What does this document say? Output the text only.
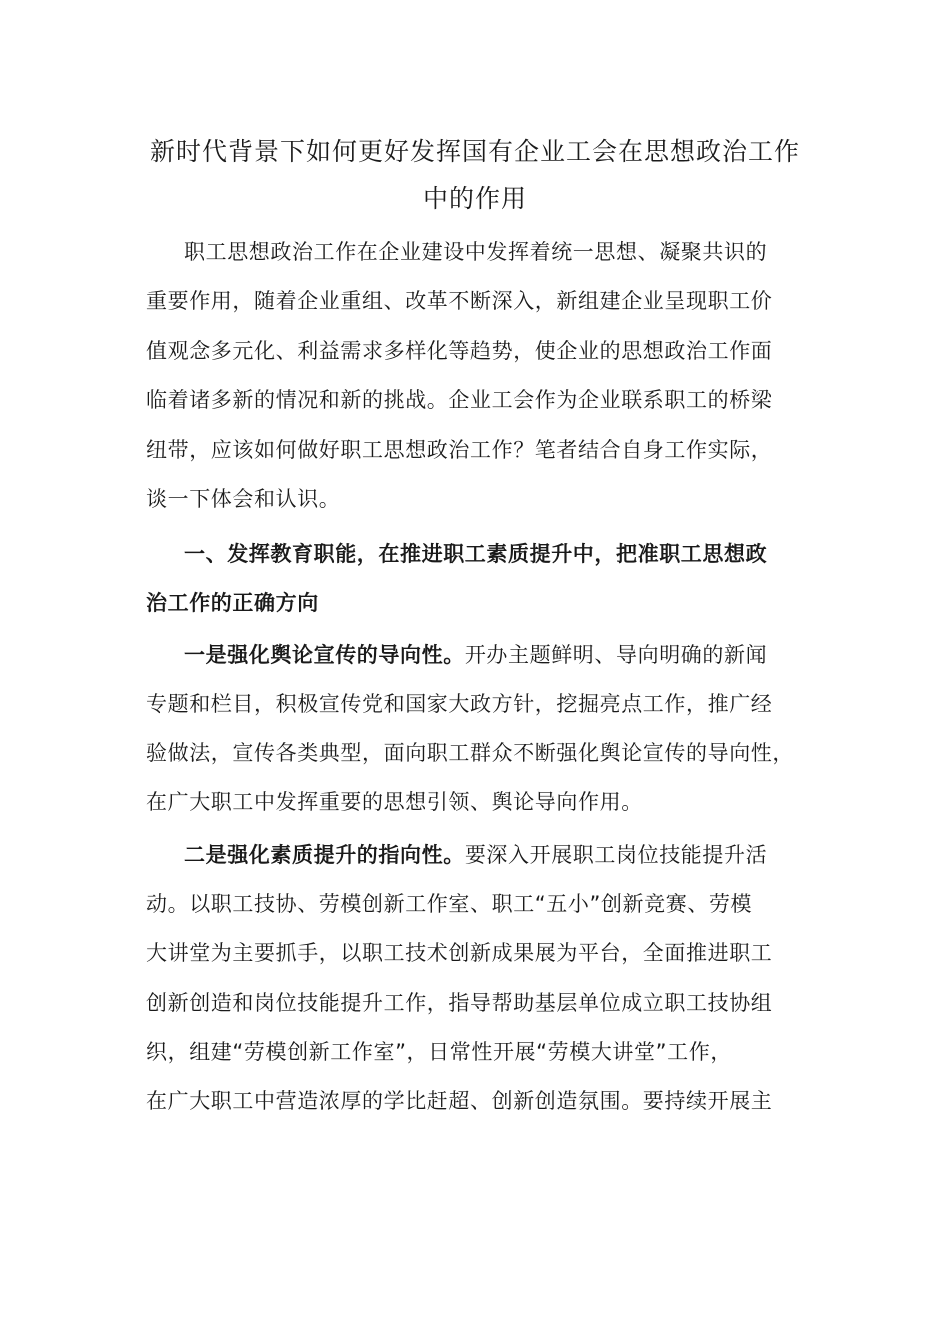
新时代背景下如何更好发挥国有企业工会在思想政治工作
中的作用
职工思想政治工作在企业建设中发挥着统一思想、凝聚共识的
重要作用，随着企业重组、改革不断深入，新组建企业呈现职工价
值观念多元化、利益需求多样化等趋势，使企业的思想政治工作面
临着诸多新的情况和新的挑战。企业工会作为企业联系职工的桥梁
纽带，应该如何做好职工思想政治工作？笔者结合自身工作实际，
谈一下体会和认识。
一、发挥教育职能，在推进职工素质提升中，把准职工思想政
治工作的正确方向
一是强化舆论宣传的导向性。开办主题鲜明、导向明确的新闻
专题和栏目，积极宣传党和国家大政方针，挖掘亮点工作，推广经
验做法，宣传各类典型，面向职工群众不断强化舆论宣传的导向性，
在广大职工中发挥重要的思想引领、舆论导向作用。
二是强化素质提升的指向性。要深入开展职工岗位技能提升活
动。以职工技协、劳模创新工作室、职工“五小”创新竞赛、劳模
大讲堂为主要抓手，以职工技术创新成果展为平台，全面推进职工
创新创造和岗位技能提升工作，指导帮助基层单位成立职工技协组
织，组建“劳模创新工作室”，日常性开展“劳模大讲堂”工作，
在广大职工中营造浓厚的学比赶超、创新创造氛围。要持续开展主
